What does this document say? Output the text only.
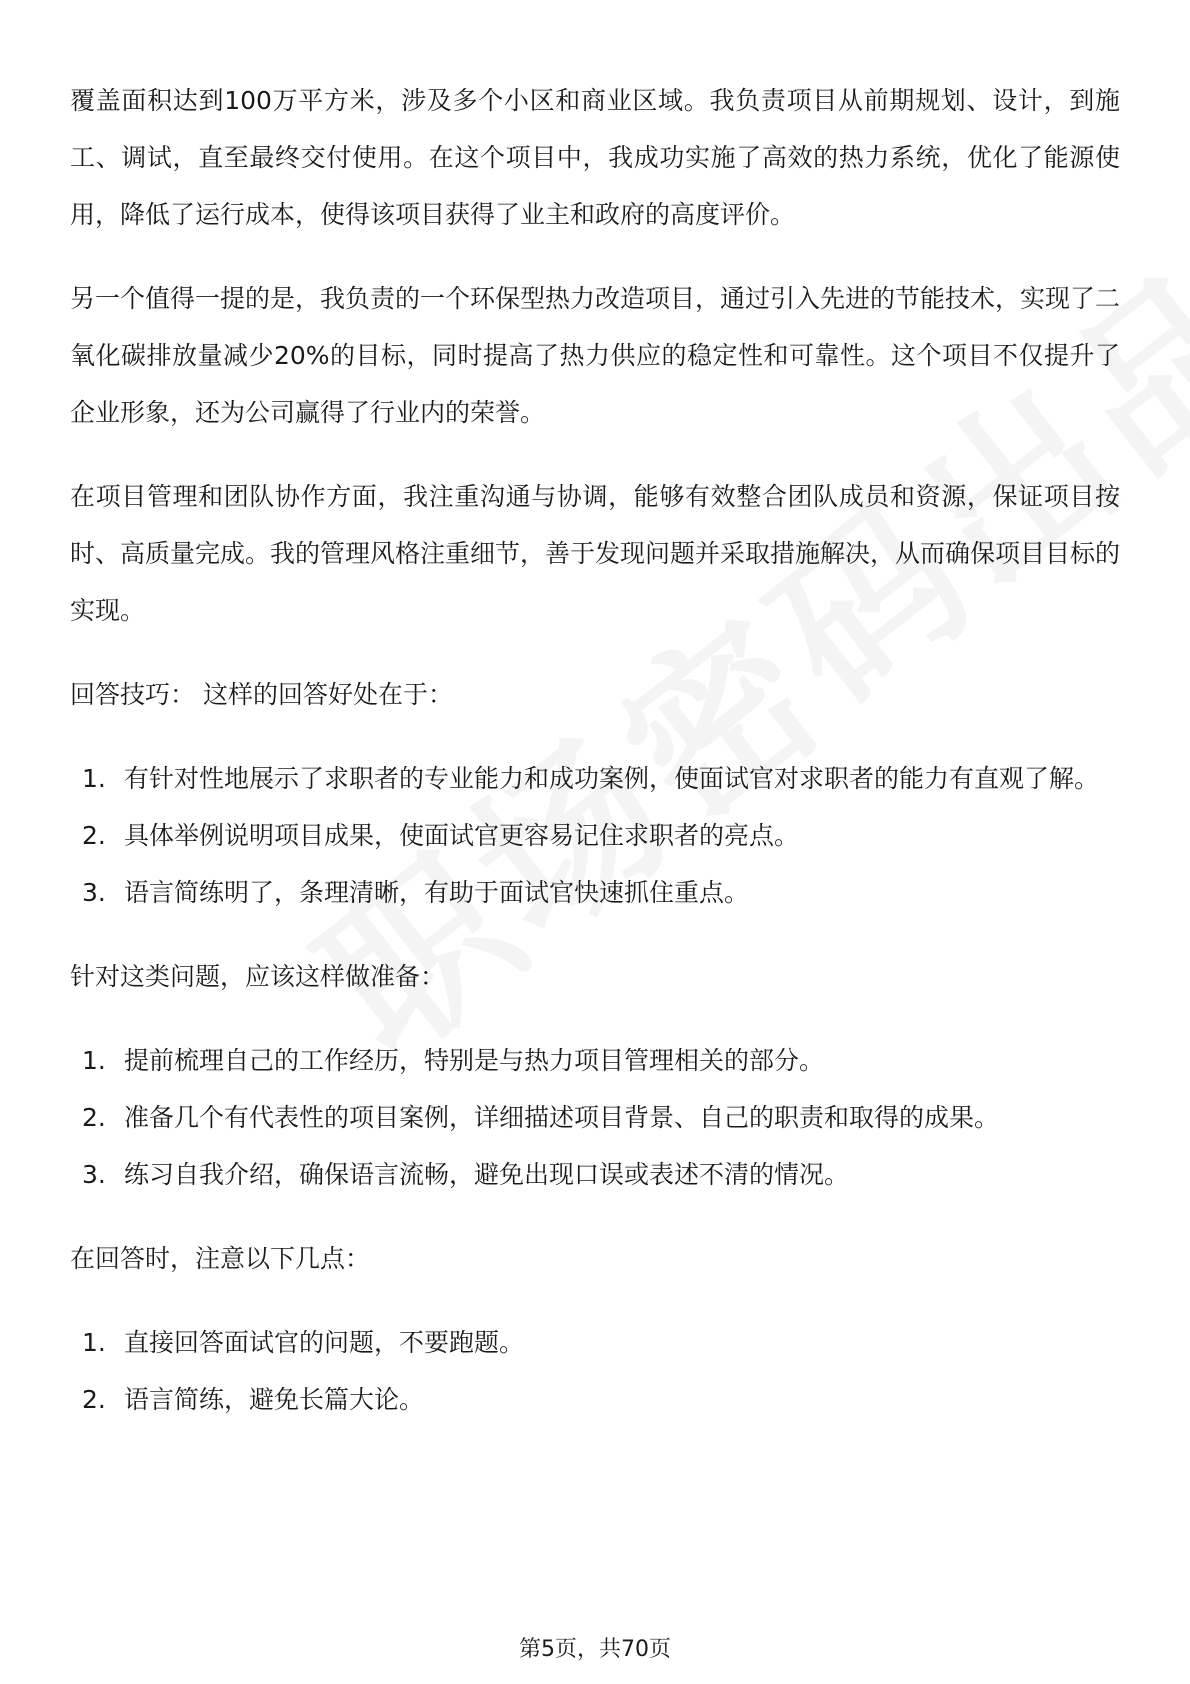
覆盖面积达到100万平方米，涉及多个小区和商业区域。我负责项目从前期规划、设计，到施工、调试，直至最终交付使用。在这个项目中，我成功实施了高效的热力系统，优化了能源使用，降低了运行成本，使得该项目获得了业主和政府的高度评价。

另一个值得一提的是，我负责的一个环保型热力改造项目，通过引入先进的节能技术，实现了二氧化碳排放量减少20%的目标，同时提高了热力供应的稳定性和可靠性。这个项目不仅提升了企业形象，还为公司赢得了行业内的荣誉。

在项目管理和团队协作方面，我注重沟通与协调，能够有效整合团队成员和资源，保证项目按时、高质量完成。我的管理风格注重细节，善于发现问题并采取措施解决，从而确保项目目标的实现。

回答技巧： 这样的回答好处在于：

1. 有针对性地展示了求职者的专业能力和成功案例，使面试官对求职者的能力有直观了解。
2. 具体举例说明项目成果，使面试官更容易记住求职者的亮点。
3. 语言简练明了，条理清晰，有助于面试官快速抓住重点。

针对这类问题，应该这样做准备：

1. 提前梳理自己的工作经历，特别是与热力项目管理相关的部分。
2. 准备几个有代表性的项目案例，详细描述项目背景、自己的职责和取得的成果。
3. 练习自我介绍，确保语言流畅，避免出现口误或表述不清的情况。

在回答时，注意以下几点：

1. 直接回答面试官的问题，不要跑题。
2. 语言简练，避免长篇大论。
第5页，共70页
